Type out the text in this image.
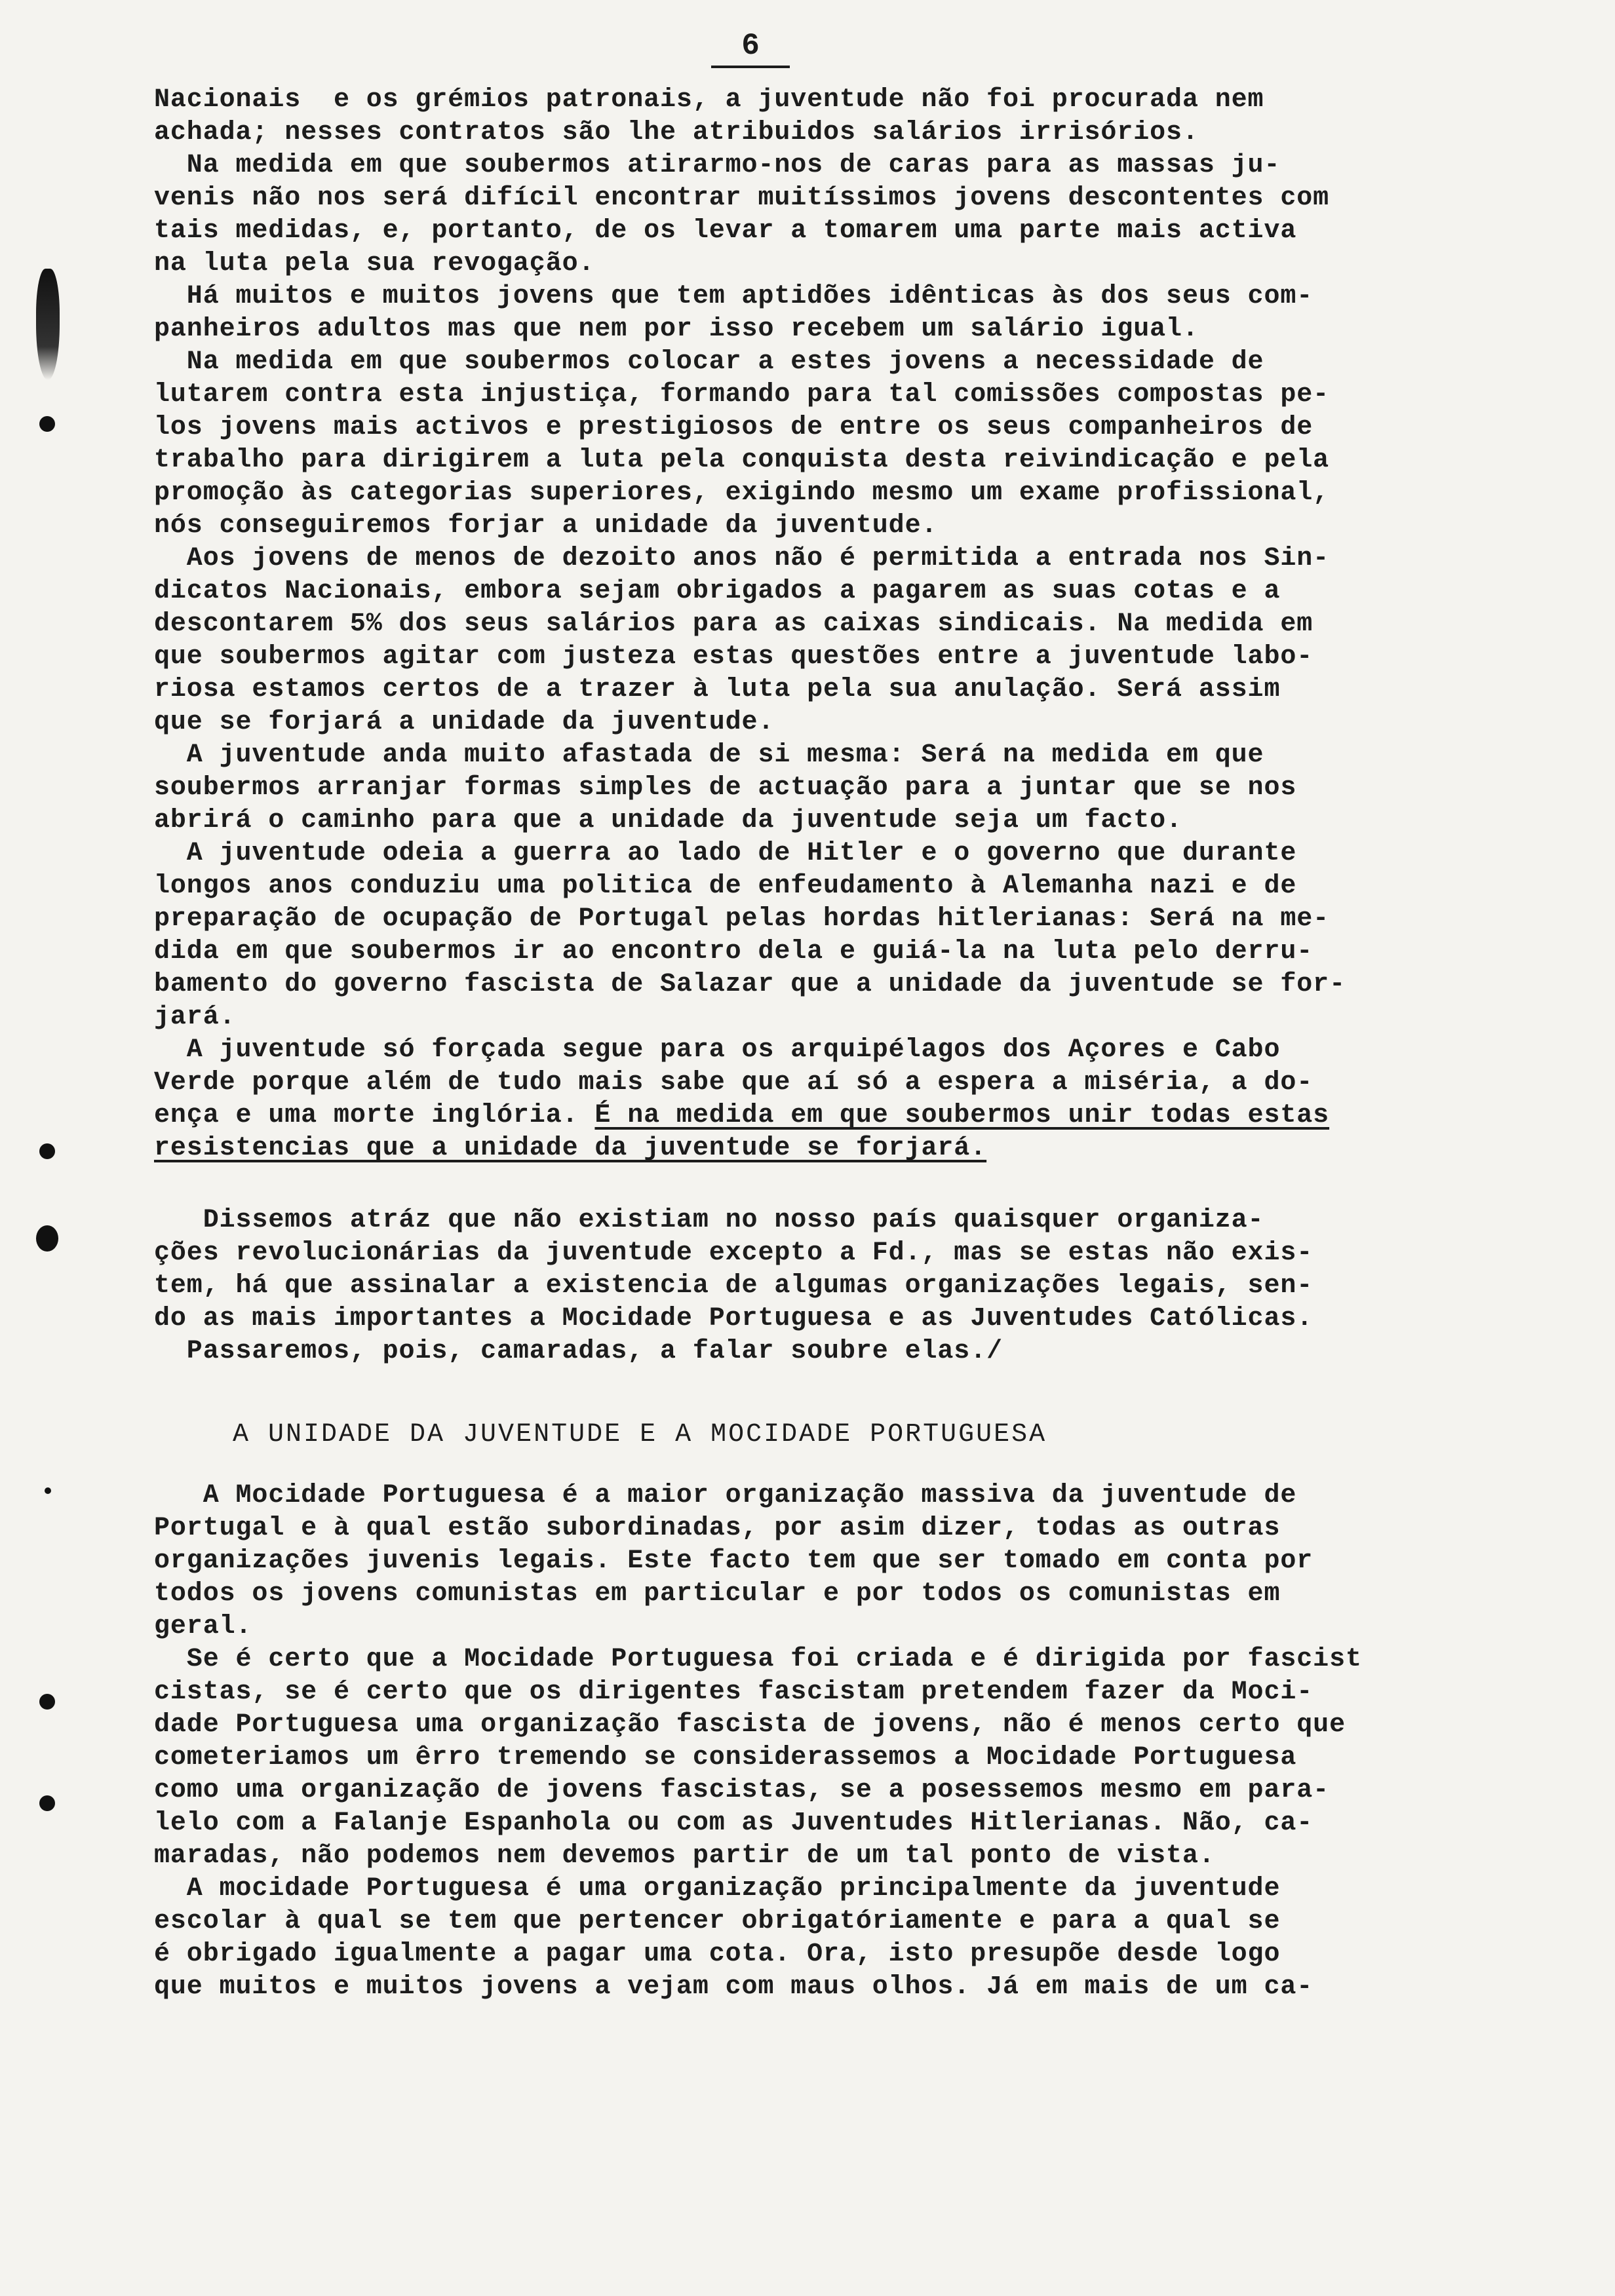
6

Nacionais  e os grémios patronais, a juventude não foi procurada nem

achada; nesses contratos são lhe atribuidos salários irrisórios.

Na medida em que soubermos atirarmo-nos de caras para as massas ju-

venis não nos será difícil encontrar muitíssimos jovens descontentes com

tais medidas, e, portanto, de os levar a tomarem uma parte mais activa

na luta pela sua revogação.

Há muitos e muitos jovens que tem aptidões idênticas às dos seus com-

panheiros adultos mas que nem por isso recebem um salário igual.

Na medida em que soubermos colocar a estes jovens a necessidade de

lutarem contra esta injustiça, formando para tal comissões compostas pe-

los jovens mais activos e prestigiosos de entre os seus companheiros de

trabalho para dirigirem a luta pela conquista desta reivindicação e pela

promoção às categorias superiores, exigindo mesmo um exame profissional,

nós conseguiremos forjar a unidade da juventude.

Aos jovens de menos de dezoito anos não é permitida a entrada nos Sin-

dicatos Nacionais, embora sejam obrigados a pagarem as suas cotas e a

descontarem 5% dos seus salários para as caixas sindicais. Na medida em

que soubermos agitar com justeza estas questões entre a juventude labo-

riosa estamos certos de a trazer à luta pela sua anulação. Será assim

que se forjará a unidade da juventude.

A juventude anda muito afastada de si mesma: Será na medida em que

soubermos arranjar formas simples de actuação para a juntar que se nos

abrirá o caminho para que a unidade da juventude seja um facto.

A juventude odeia a guerra ao lado de Hitler e o governo que durante

longos anos conduziu uma politica de enfeudamento à Alemanha nazi e de

preparação de ocupação de Portugal pelas hordas hitlerianas: Será na me-

dida em que soubermos ir ao encontro dela e guiá-la na luta pelo derru-

bamento do governo fascista de Salazar que a unidade da juventude se for-

jará.

A juventude só forçada segue para os arquipélagos dos Açores e Cabo

Verde porque além de tudo mais sabe que aí só a espera a miséria, a do-

ença e uma morte inglória. É na medida em que soubermos unir todas estas

resistencias que a unidade da juventude se forjará.

Dissemos atráz que não existiam no nosso país quaisquer organiza-

ções revolucionárias da juventude excepto a Fd., mas se estas não exis-

tem, há que assinalar a existencia de algumas organizações legais, sen-

do as mais importantes a Mocidade Portuguesa e as Juventudes Católicas.

Passaremos, pois, camaradas, a falar soubre elas./

A UNIDADE DA JUVENTUDE E A MOCIDADE PORTUGUESA

A Mocidade Portuguesa é a maior organização massiva da juventude de

Portugal e à qual estão subordinadas, por asim dizer, todas as outras

organizações juvenis legais. Este facto tem que ser tomado em conta por

todos os jovens comunistas em particular e por todos os comunistas em

geral.

Se é certo que a Mocidade Portuguesa foi criada e é dirigida por fascist

cistas, se é certo que os dirigentes fascistam pretendem fazer da Moci-

dade Portuguesa uma organização fascista de jovens, não é menos certo que

cometeriamos um êrro tremendo se considerassemos a Mocidade Portuguesa

como uma organização de jovens fascistas, se a posessemos mesmo em para-

lelo com a Falanje Espanhola ou com as Juventudes Hitlerianas. Não, ca-

maradas, não podemos nem devemos partir de um tal ponto de vista.

A mocidade Portuguesa é uma organização principalmente da juventude

escolar à qual se tem que pertencer obrigatóriamente e para a qual se

é obrigado igualmente a pagar uma cota. Ora, isto presupõe desde logo

que muitos e muitos jovens a vejam com maus olhos. Já em mais de um ca-
